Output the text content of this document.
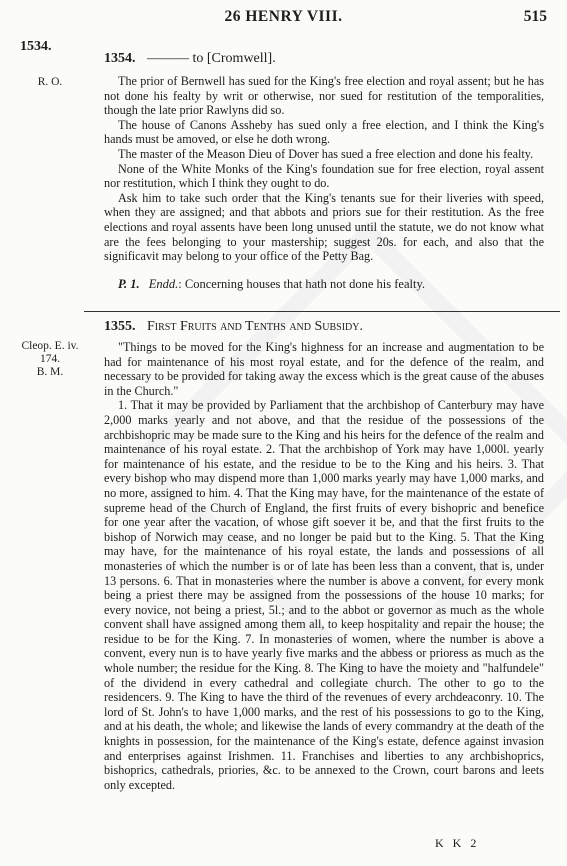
26 HENRY VIII.	515
1534.
1354. ——— to [Cromwell].
R. O.	The prior of Bernwell has sued for the King's free election and royal assent; but he has not done his fealty by writ or otherwise, nor sued for restitution of the temporalities, though the late prior Rawlyns did so.

The house of Canons Assheby has sued only a free election, and I think the King's hands must be amoved, or else he doth wrong.

The master of the Meason Dieu of Dover has sued a free election and done his fealty.

None of the White Monks of the King's foundation sue for free election, royal assent nor restitution, which I think they ought to do.

Ask him to take such order that the King's tenants sue for their liveries with speed, when they are assigned; and that abbots and priors sue for their restitution. As the free elections and royal assents have been long unused until the statute, we do not know what are the fees belonging to your mastership; suggest 20s. for each, and also that the significavit may belong to your office of the Petty Bag.

P. 1. Endd.: Concerning houses that hath not done his fealty.
1355. First Fruits and Tenths and Subsidy.
Cleop. E. iv.
174.
B. M.

"Things to be moved for the King's highness for an increase and augmentation to be had for maintenance of his most royal estate, and for the defence of the realm, and necessary to be provided for taking away the excess which is the great cause of the abuses in the Church."

1. That it may be provided by Parliament that the archbishop of Canterbury may have 2,000 marks yearly and not above, and that the residue of the possessions of the archbishopric may be made sure to the King and his heirs for the defence of the realm and maintenance of his royal estate. 2. That the archbishop of York may have 1,000l. yearly for maintenance of his estate, and the residue to be to the King and his heirs. 3. That every bishop who may dispend more than 1,000 marks yearly may have 1,000 marks, and no more, assigned to him. 4. That the King may have, for the maintenance of the estate of supreme head of the Church of England, the first fruits of every bishopric and benefice for one year after the vacation, of whose gift soever it be, and that the first fruits to the bishop of Norwich may cease, and no longer be paid but to the King. 5. That the King may have, for the maintenance of his royal estate, the lands and possessions of all monasteries of which the number is or of late has been less than a convent, that is, under 13 persons. 6. That in monasteries where the number is above a convent, for every monk being a priest there may be assigned from the possessions of the house 10 marks; for every novice, not being a priest, 5l.; and to the abbot or governor as much as the whole convent shall have assigned among them all, to keep hospitality and repair the house; the residue to be for the King. 7. In monasteries of women, where the number is above a convent, every nun is to have yearly five marks and the abbess or prioress as much as the whole number; the residue for the King. 8. The King to have the moiety and "halfundele" of the dividend in every cathedral and collegiate church. The other to go to the residencers. 9. The King to have the third of the revenues of every archdeaconry. 10. The lord of St. John's to have 1,000 marks, and the rest of his possessions to go to the King, and at his death, the whole; and likewise the lands of every commandry at the death of the knights in possession, for the maintenance of the King's estate, defence against invasion and enterprises against Irishmen. 11. Franchises and liberties to any archbishoprics, bishoprics, cathedrals, priories, &c. to be annexed to the Crown, court barons and leets only excepted.

K K 2
